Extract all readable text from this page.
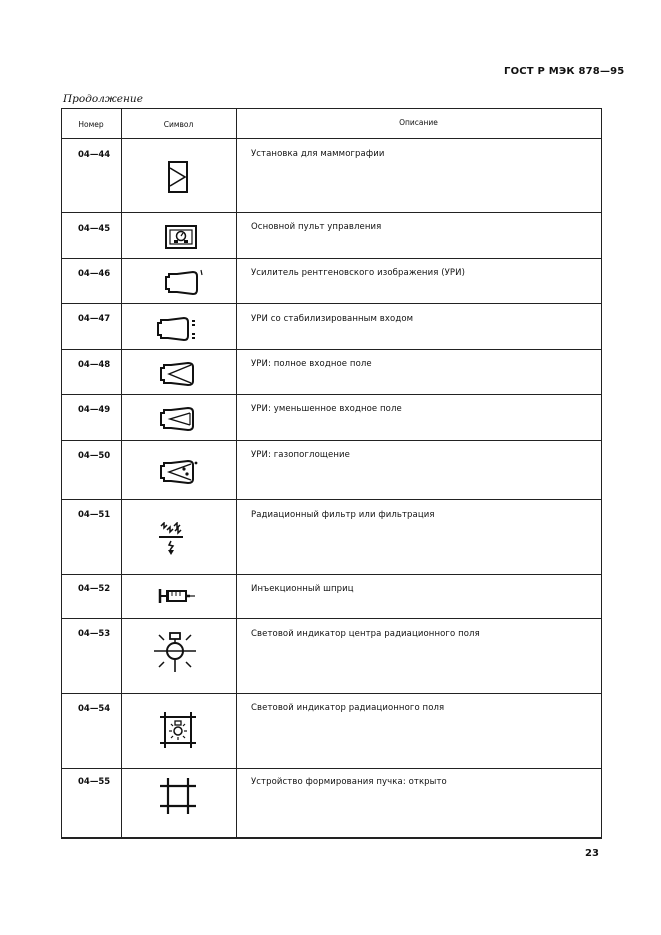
ГОСТ Р МЭК 878—95
Продолжение
Номер	Символ	Описание
04—44	Установка для маммографии
04—45	Основной пульт управления
04—46	Усилитель рентгеновского изображения (УРИ)
04—47	УРИ со стабилизированным входом
04—48	УРИ: полное входное поле
04—49	УРИ: уменьшенное входное поле
04—50	УРИ: газопоглощение
04—51	Радиационный фильтр или фильтрация
04—52	Инъекционный шприц
04—53	Световой индикатор центра радиационного поля
04—54	Световой индикатор радиационного поля
04—55	Устройство формирования пучка: открыто
23
